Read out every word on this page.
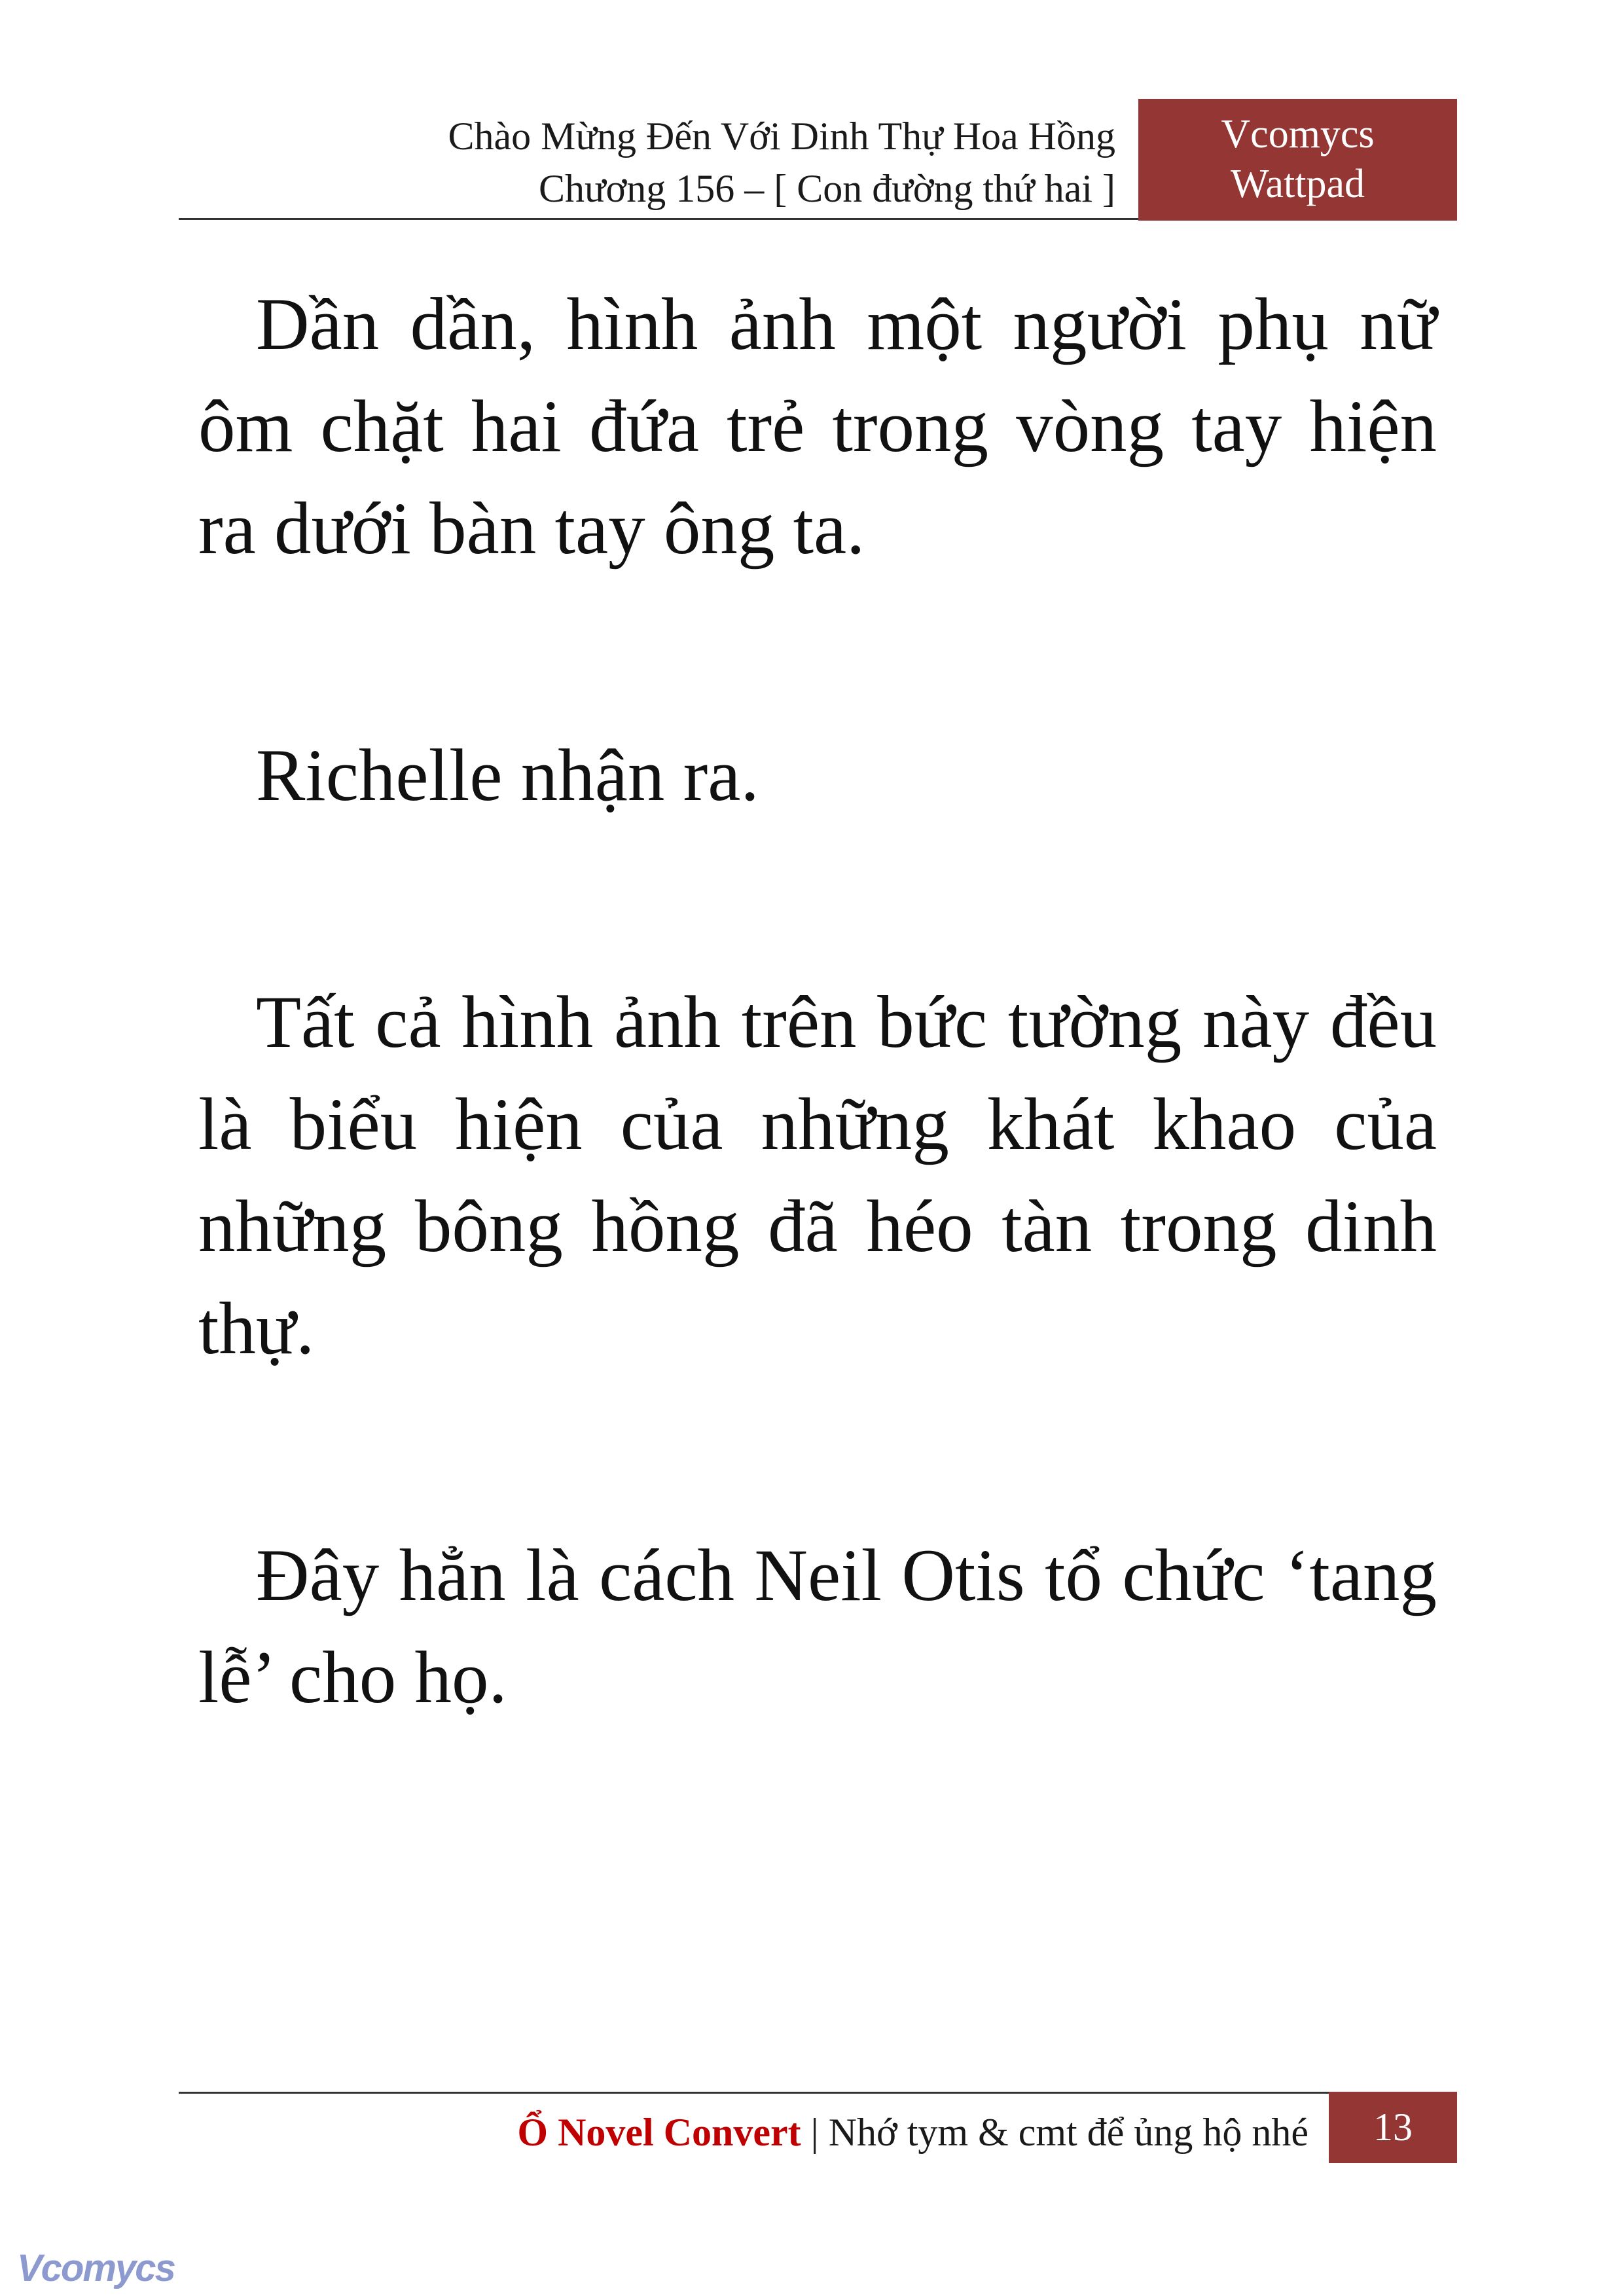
Chào Mừng Đến Với Dinh Thự Hoa Hồng
Chương 156 – [ Con đường thứ hai ]
Vcomycs
Wattpad

Dần dần, hình ảnh một người phụ nữ ôm chặt hai đứa trẻ trong vòng tay hiện ra dưới bàn tay ông ta.

Richelle nhận ra.

Tất cả hình ảnh trên bức tường này đều là biểu hiện của những khát khao của những bông hồng đã héo tàn trong dinh thự.

Đây hẳn là cách Neil Otis tổ chức ‘tang lễ’ cho họ.

Ổ Novel Convert | Nhớ tym & cmt để ủng hộ nhé	13
Vcomycs
